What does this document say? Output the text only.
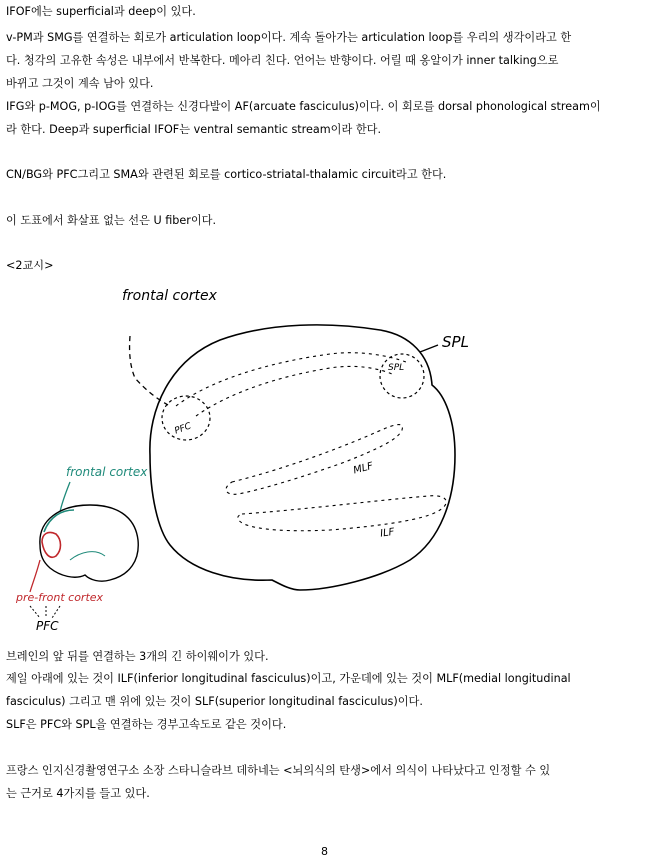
IFOF에는 superficial과 deep이 있다.
v-PM과 SMG를 연결하는 회로가 articulation loop이다. 계속 돌아가는 articulation loop를 우리의 생각이라고 한
다. 청각의 고유한 속성은 내부에서 반복한다. 메아리 친다. 언어는 반향이다. 어릴 때 옹알이가 inner talking으로
바뀌고 그것이 계속 남아 있다.
IFG와 p-MOG, p-IOG를 연결하는 신경다발이 AF(arcuate fasciculus)이다. 이 회로를 dorsal phonological stream이
라 한다. Deep과 superficial IFOF는 ventral semantic stream이라 한다.
CN/BG와 PFC그리고 SMA와 관련된 회로를 cortico-striatal-thalamic circuit라고 한다.
이 도표에서 화살표 없는 선은 U fiber이다.
<2교시>
frontal cortex
SPL
SPL
PFC
MLF
ILF
frontal cortex
pre-front cortex
PFC
브레인의 앞 뒤를 연결하는 3개의 긴 하이웨이가 있다.
제일 아래에 있는 것이 ILF(inferior longitudinal fasciculus)이고, 가운데에 있는 것이 MLF(medial longitudinal
fasciculus) 그리고 맨 위에 있는 것이 SLF(superior longitudinal fasciculus)이다.
SLF은 PFC와 SPL을 연결하는 경부고속도로 같은 것이다.
프랑스 인지신경촬영연구소 소장 스타니슬라브 데하네는 <뇌의식의 탄생>에서 의식이 나타났다고 인정할 수 있
는 근거로 4가지를 들고 있다.
8
